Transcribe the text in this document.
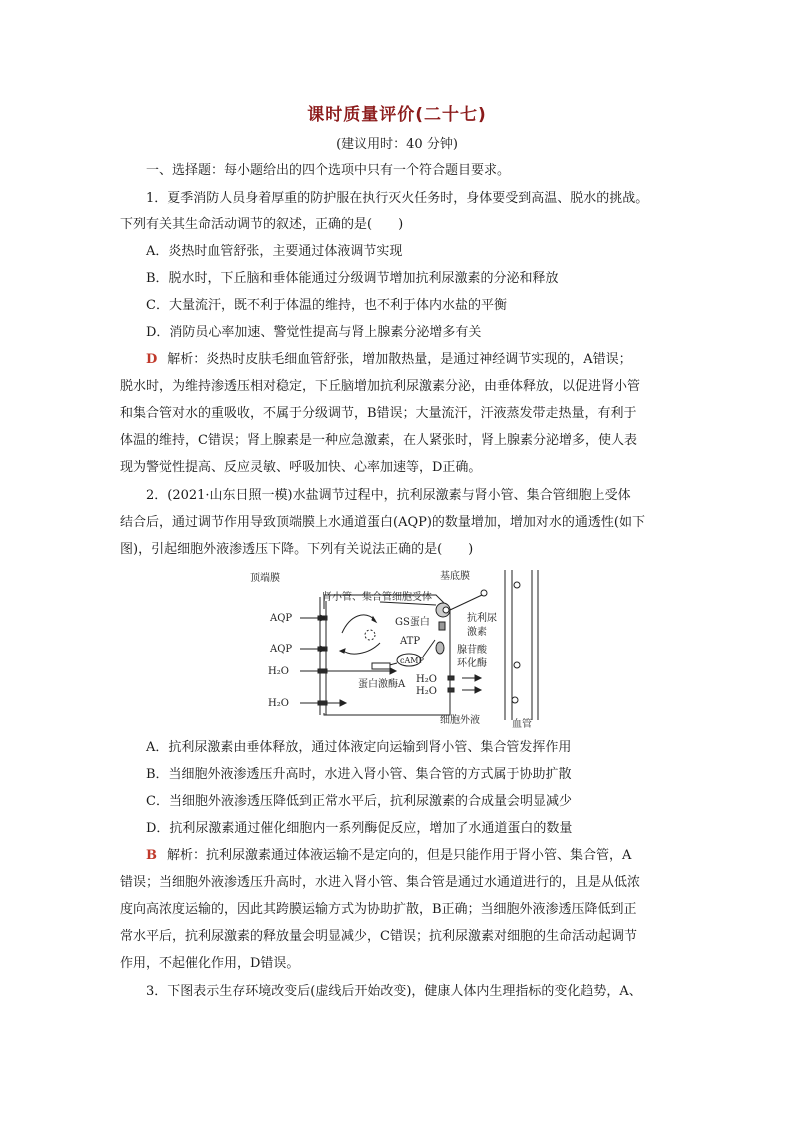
课时质量评价(二十七)
(建议用时：40 分钟)
一、选择题：每小题给出的四个选项中只有一个符合题目要求。
1．夏季消防人员身着厚重的防护服在执行灭火任务时，身体要受到高温、脱水的挑战。
下列有关其生命活动调节的叙述，正确的是(　　)
A．炎热时血管舒张，主要通过体液调节实现
B．脱水时，下丘脑和垂体能通过分级调节增加抗利尿激素的分泌和释放
C．大量流汗，既不利于体温的维持，也不利于体内水盐的平衡
D．消防员心率加速、警觉性提高与肾上腺素分泌增多有关
D 解析：炎热时皮肤毛细血管舒张，增加散热量，是通过神经调节实现的，A错误；
脱水时，为维持渗透压相对稳定，下丘脑增加抗利尿激素分泌，由垂体释放，以促进肾小管
和集合管对水的重吸收，不属于分级调节，B错误；大量流汗，汗液蒸发带走热量，有利于
体温的维持，C错误；肾上腺素是一种应急激素，在人紧张时，肾上腺素分泌增多，使人表
现为警觉性提高、反应灵敏、呼吸加快、心率加速等，D正确。
2．(2021·山东日照一模)水盐调节过程中，抗利尿激素与肾小管、集合管细胞上受体
结合后，通过调节作用导致顶端膜上水通道蛋白(AQP)的数量增加，增加对水的通透性(如下
图)，引起细胞外液渗透压下降。下列有关说法正确的是(　　)
顶端膜	基底膜
肾小管、集合管细胞受体
AQP
AQP
H₂O
H₂O
GS蛋白
ATP
cAMP
抗利尿
激素
腺苷酸
环化酶
蛋白激酶A H₂O
H₂O
细胞外液	血管
A．抗利尿激素由垂体释放，通过体液定向运输到肾小管、集合管发挥作用
B．当细胞外液渗透压升高时，水进入肾小管、集合管的方式属于协助扩散
C．当细胞外液渗透压降低到正常水平后，抗利尿激素的合成量会明显减少
D．抗利尿激素通过催化细胞内一系列酶促反应，增加了水通道蛋白的数量
B 解析：抗利尿激素通过体液运输不是定向的，但是只能作用于肾小管、集合管，A
错误；当细胞外液渗透压升高时，水进入肾小管、集合管是通过水通道进行的，且是从低浓
度向高浓度运输的，因此其跨膜运输方式为协助扩散，B正确；当细胞外液渗透压降低到正
常水平后，抗利尿激素的释放量会明显减少，C错误；抗利尿激素对细胞的生命活动起调节
作用，不起催化作用，D错误。
3．下图表示生存环境改变后(虚线后开始改变)，健康人体内生理指标的变化趋势，A、
